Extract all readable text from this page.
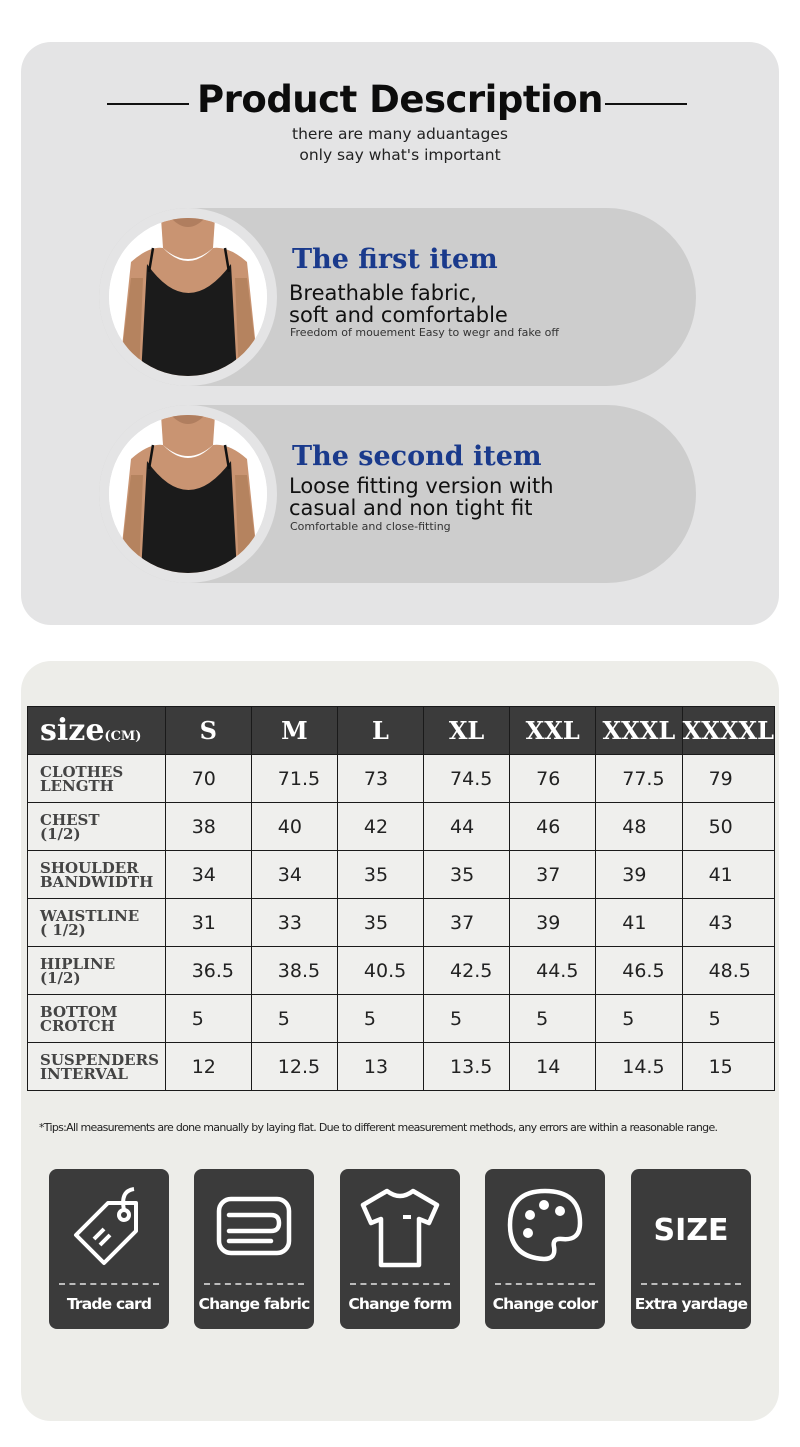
Product Description
there are many aduantages
only say what's important
The first item
Breathable fabric,
soft and comfortable
Freedom of mouement Easy to wegr and fake off
The second item
Loose fitting version with
casual and non tight fit
Comfortable and close-fitting
size(CM)	S	M	L	XL	XXL	XXXL	XXXXL

CLOTHES
LENGTH	70	71.5	73	74.5	76	77.5	79

CHEST
(1/2)	38	40	42	44	46	48	50

SHOULDER
BANDWIDTH	34	34	35	35	37	39	41

WAISTLINE
( 1/2)	31	33	35	37	39	41	43

HIPLINE
(1/2)	36.5	38.5	40.5	42.5	44.5	46.5	48.5

BOTTOM
CROTCH	5	5	5	5	5	5	5

SUSPENDERS
INTERVAL	12	12.5	13	13.5	14	14.5	15
*Tips:All measurements are done manually by laying flat. Due to different measurement methods, any errors are within a reasonable range.
Trade card	Change fabric	Change form	Change color
SIZE
Extra yardage
